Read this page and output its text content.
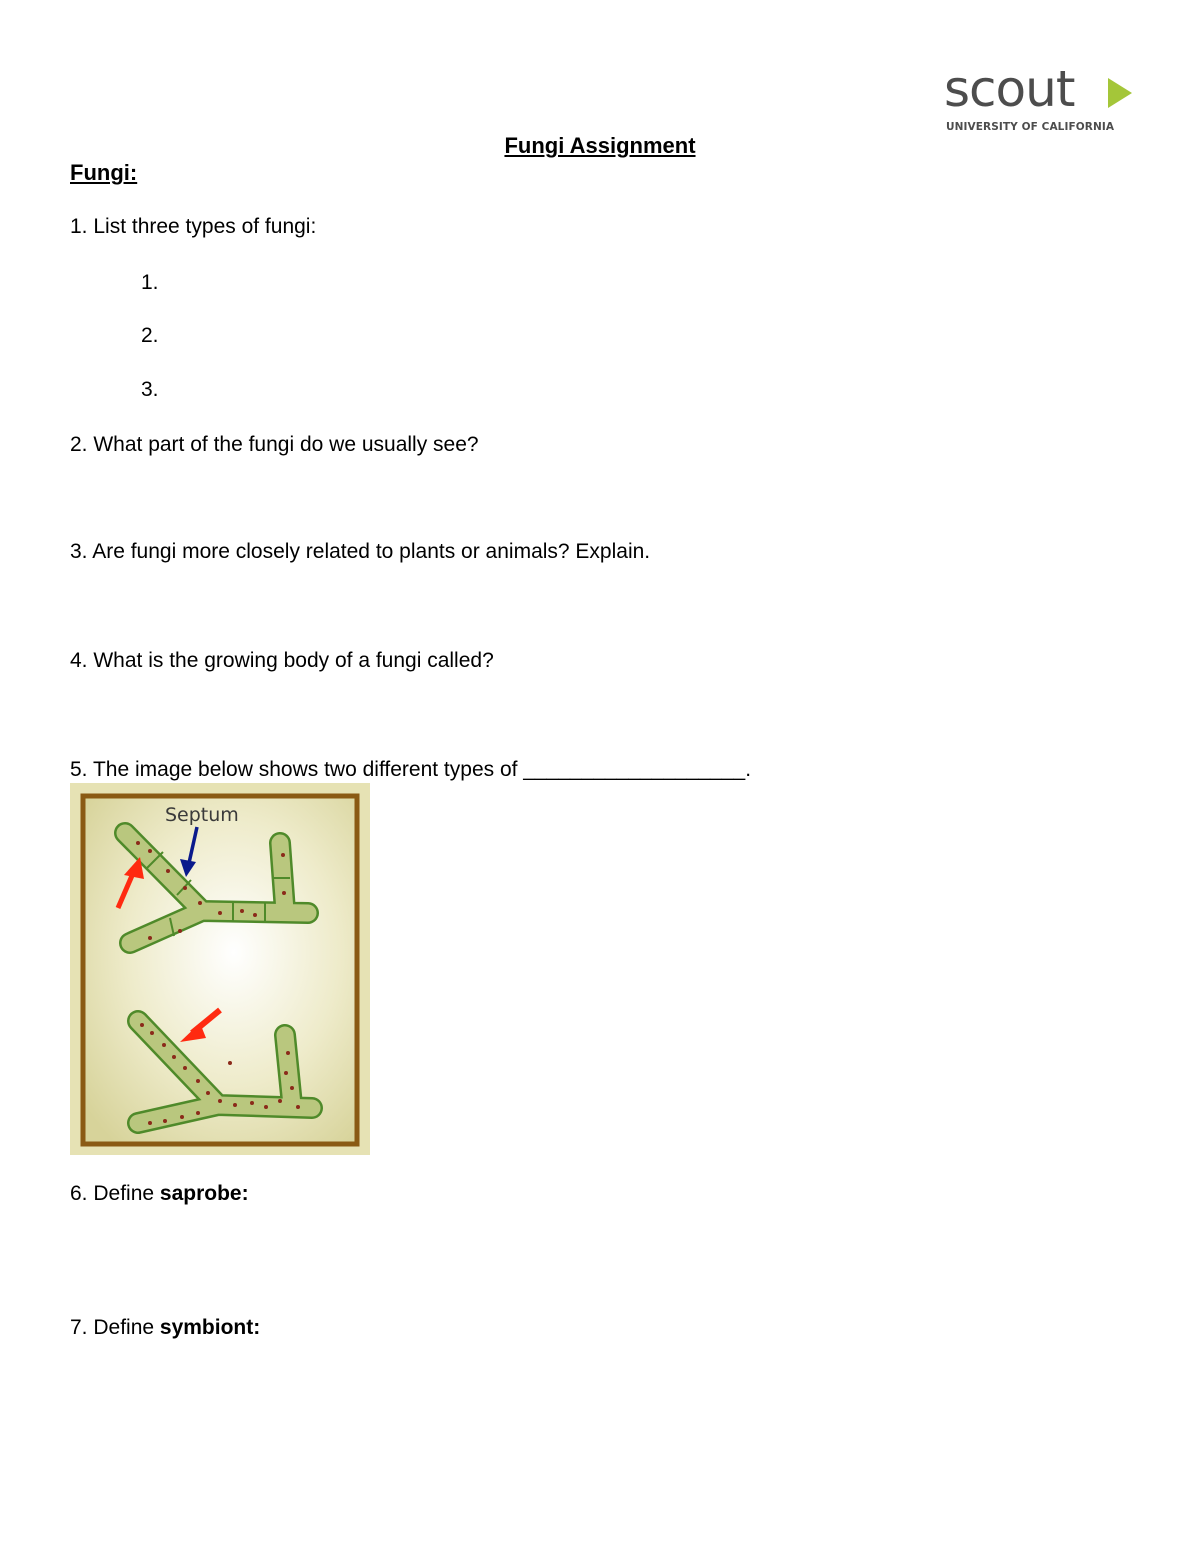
scout
UNIVERSITY OF CALIFORNIA
Fungi Assignment
Fungi:
1. List three types of fungi:
1.
2.
3.
2. What part of the fungi do we usually see?
3. Are fungi more closely related to plants or animals? Explain.
4. What is the growing body of a fungi called?
5. The image below shows two different types of ___________________.
Septum
6. Define saprobe:
7. Define symbiont:
